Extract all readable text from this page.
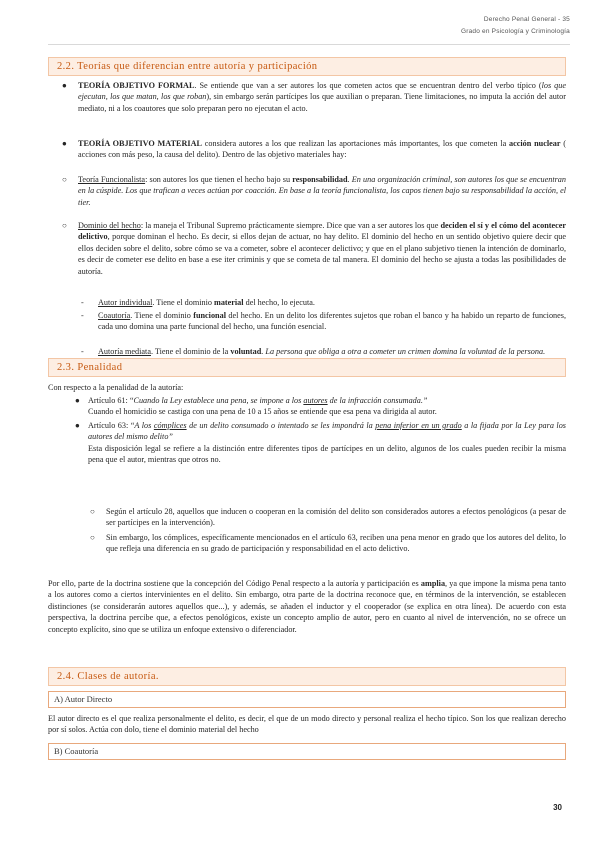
Derecho Penal General - 35
Grado en Psicología y Criminología
2.2. Teorías que diferencian entre autoría y participación
● TEORÍA OBJETIVO FORMAL. Se entiende que van a ser autores los que cometen actos que se encuentran dentro del verbo típico (los que ejecutan, los que matan, los que roban), sin embargo serán partícipes los que auxilian o preparan. Tiene limitaciones, no imputa la acción del autor mediato, ni a los coautores que solo preparan pero no ejecutan el acto.
● TEORÍA OBJETIVO MATERIAL considera autores a los que realizan las aportaciones más importantes, los que cometen la acción nuclear ( acciones con más peso, la causa del delito). Dentro de las objetivo materiales hay:
○ Teoría Funcionalista: son autores los que tienen el hecho bajo su responsabilidad. En una organización criminal, son autores los que se encuentran en la cúspide. Los que trafican a veces actúan por coacción. En base a la teoría funcionalista, los capos tienen bajo su responsabilidad la acción, el tier.
○ Dominio del hecho: la maneja el Tribunal Supremo prácticamente siempre. Dice que van a ser autores los que deciden el sí y el cómo del acontecer delictivo, porque dominan el hecho. Es decir, si ellos dejan de actuar, no hay delito. El dominio del hecho en un sentido objetivo quiere decir que ellos deciden sobre el delito, sobre cómo se va a cometer, sobre el acontecer delictivo; y que en el plano subjetivo tienen la intención de dominarlo, es decir de cometer ese delito en base a ese iter criminis y que se cometa de tal manera. El dominio del hecho se ajusta a todas las posibilidades de autoría.
- Autor individual. Tiene el dominio material del hecho, lo ejecuta.
- Coautoría. Tiene el dominio funcional del hecho. En un delito los diferentes sujetos que roban el banco y ha habido un reparto de funciones, cada uno domina una parte funcional del hecho, una función esencial.
- Autoría mediata. Tiene el dominio de la voluntad. La persona que obliga a otra a cometer un crimen domina la voluntad de la persona.
2.3. Penalidad
Con respecto a la penalidad de la autoría:
● Artículo 61: “Cuando la Ley establece una pena, se impone a los autores de la infracción consumada.”
Cuando el homicidio se castiga con una pena de 10 a 15 años se entiende que esa pena va dirigida al autor.
● Artículo 63: “A los cómplices de un delito consumado o intentado se les impondrá la pena inferior en un grado a la fijada por la Ley para los autores del mismo delito”
Esta disposición legal se refiere a la distinción entre diferentes tipos de partícipes en un delito, algunos de los cuales pueden recibir la misma pena que el autor, mientras que otros no.
○ Según el artículo 28, aquellos que inducen o cooperan en la comisión del delito son considerados autores a efectos penológicos (a pesar de ser partícipes en la intervención).
○ Sin embargo, los cómplices, específicamente mencionados en el artículo 63, reciben una pena menor en grado que los autores del delito, lo que refleja una diferencia en su grado de participación y responsabilidad en el acto delictivo.
Por ello, parte de la doctrina sostiene que la concepción del Código Penal respecto a la autoría y participación es amplia, ya que impone la misma pena tanto a los autores como a ciertos intervinientes en el delito. Sin embargo, otra parte de la doctrina reconoce que, en términos de la intervención, se establecen distinciones (se considerarán autores aquellos que...), y además, se añaden el inductor y el cooperador (se explica en otra línea). De acuerdo con esta perspectiva, la doctrina percibe que, a efectos penológicos, existe un concepto amplio de autor, pero en cuanto al nivel de intervención, no se ofrece un concepto explícito, sino que se utiliza un enfoque extensivo o diferenciador.
2.4. Clases de autoría.
A) Autor Directo
El autor directo es el que realiza personalmente el delito, es decir, el que de un modo directo y personal realiza el hecho típico. Son los que realizan derecho por sí solos. Actúa con dolo, tiene el dominio material del hecho
B) Coautoría
30
